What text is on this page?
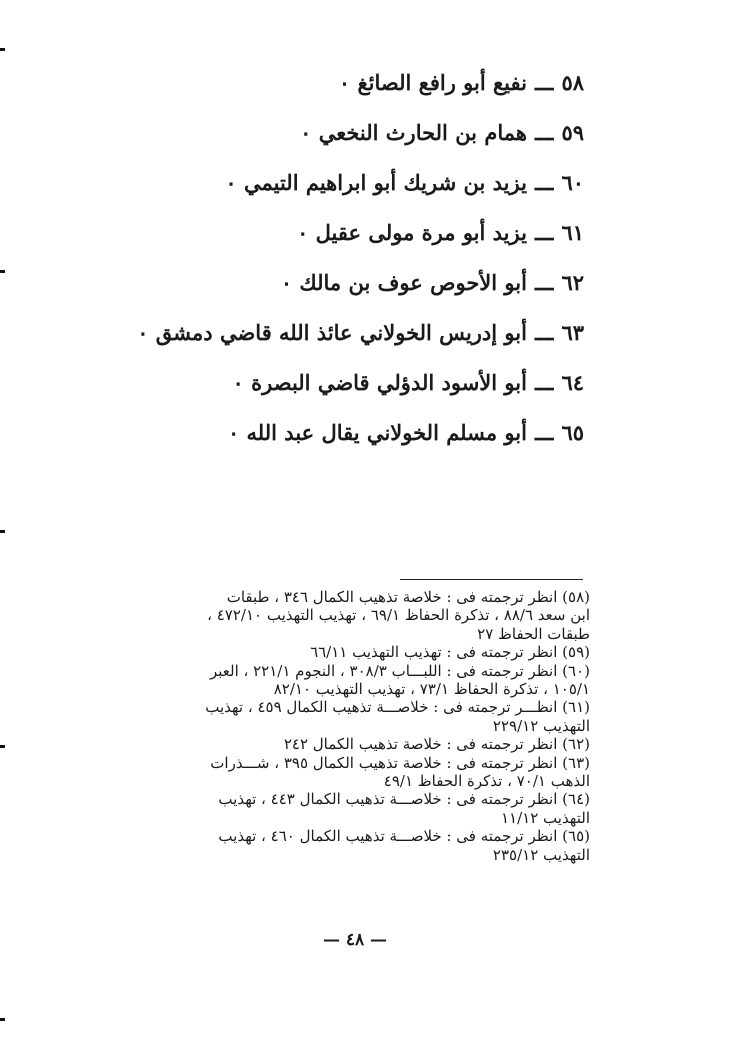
٥٨ـــنفيع أبو رافع الصائغ ٠
٥٩ـــهمام بن الحارث النخعي ٠
٦٠ـــيزيد بن شريك أبو ابراهيم التيمي ٠
٦١ـــيزيد أبو مرة مولى عقيل ٠
٦٢ـــأبو الأحوص عوف بن مالك ٠
٦٣ـــأبو إدريس الخولاني عائذ الله قاضي دمشق ٠
٦٤ـــأبو الأسود الدؤلي قاضي البصرة ٠
٦٥ـــأبو مسلم الخولاني يقال عبد الله ٠

(٥٨) انظر ترجمته فى : خلاصة تذهيب الكمال ٣٤٦ ، طبقات
ابن سعد ٨٨/٦ ، تذكرة الحفاظ ٦٩/١ ، تهذيب التهذيب ٤٧٢/١٠ ،
طبقات الحفاظ ٢٧

(٥٩) انظر ترجمته فى : تهذيب التهذيب ٦٦/١١

(٦٠) انظر ترجمته فى : اللبـــاب ٣٠٨/٣ ، النجوم ٢٢١/١ ، العبر
١٠٥/١ ، تذكرة الحفاظ ٧٣/١ ، تهذيب التهذيب ٨٢/١٠

(٦١) انظـــر ترجمته فى : خلاصـــة تذهيب الكمال ٤٥٩ ، تهذيب
التهذيب ٢٢٩/١٢

(٦٢) انظر ترجمته فى : خلاصة تذهيب الكمال ٢٤٢

(٦٣) انظر ترجمته فى : خلاصة تذهيب الكمال ٣٩٥ ، شـــذرات
الذهب ٧٠/١ ، تذكرة الحفاظ ٤٩/١

(٦٤) انظر ترجمته فى : خلاصـــة تذهيب الكمال ٤٤٣ ، تهذيب
التهذيب ١١/١٢

(٦٥) انظر ترجمته فى : خلاصـــة تذهيب الكمال ٤٦٠ ، تهذيب
التهذيب ٢٣٥/١٢

— ٤٨ —
